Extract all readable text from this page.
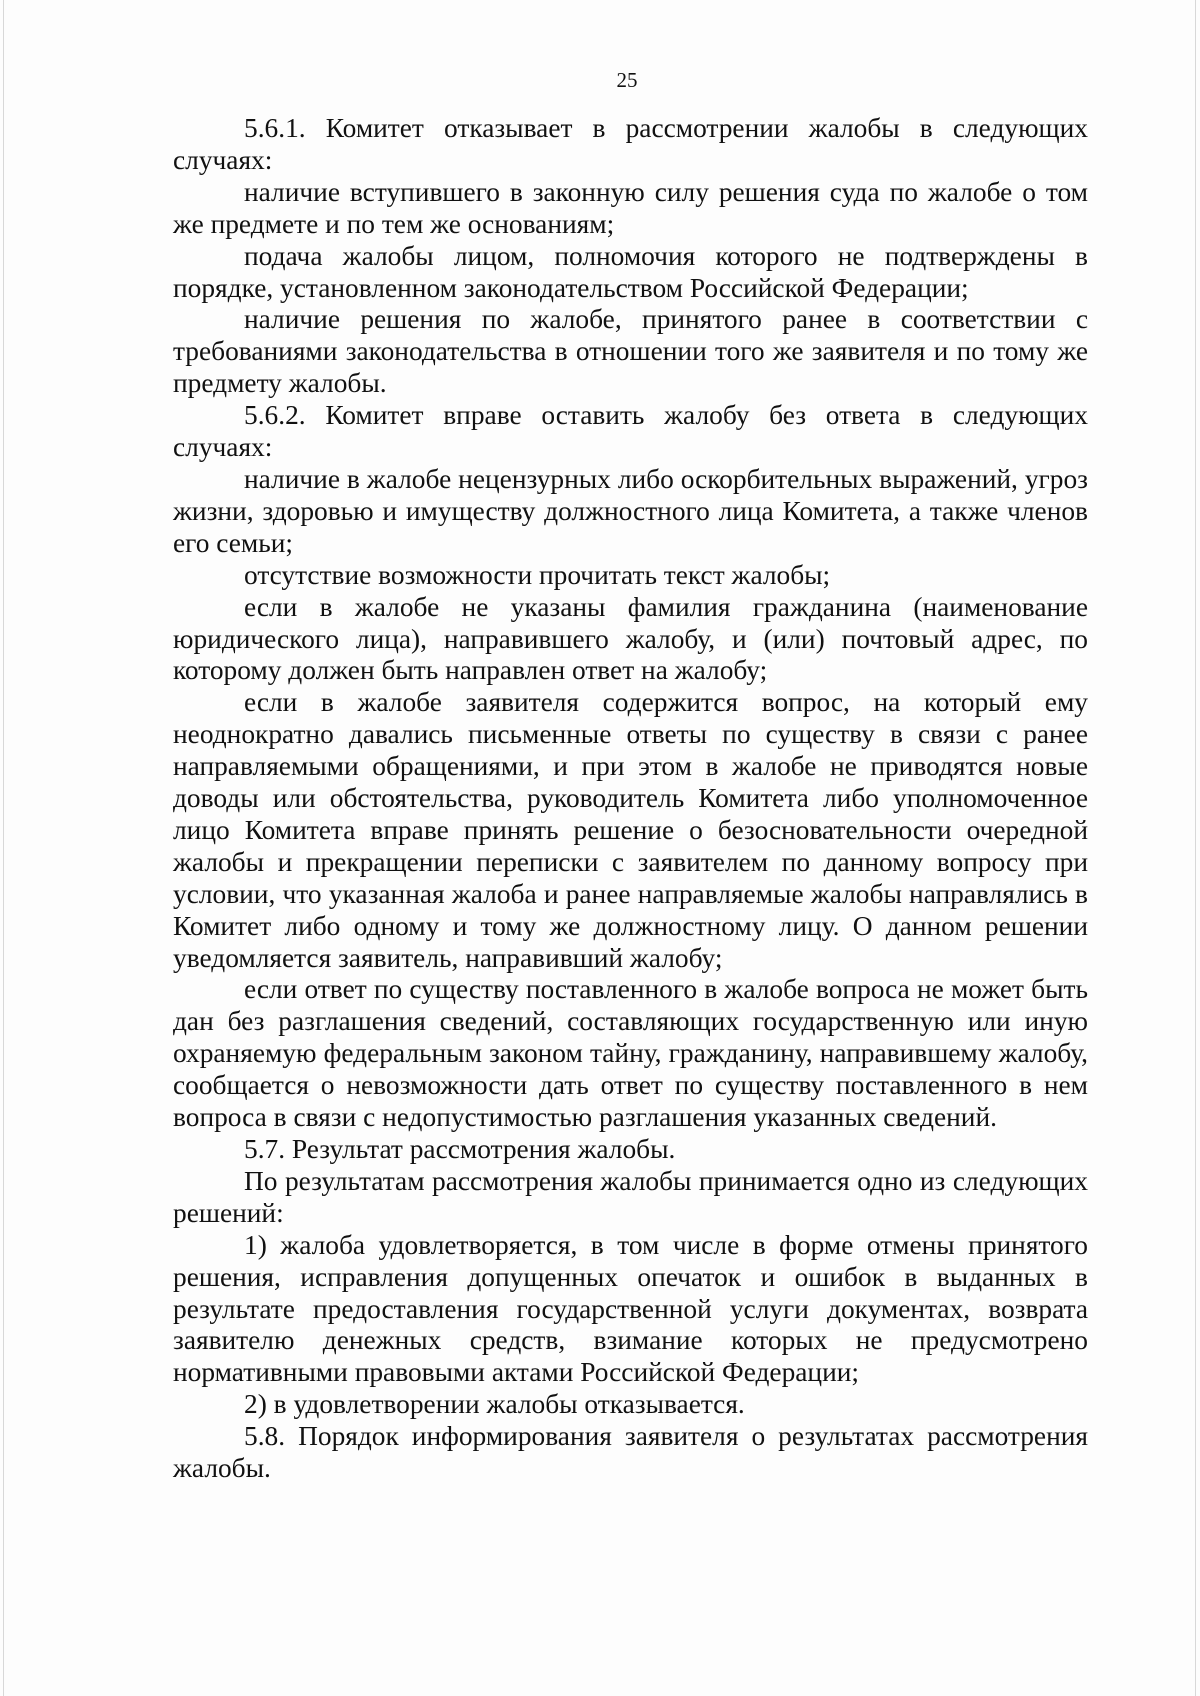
25

5.6.1. Комитет отказывает в рассмотрении жалобы в следующих случаях:

наличие вступившего в законную силу решения суда по жалобе о том же предмете и по тем же основаниям;

подача жалобы лицом, полномочия которого не подтверждены в порядке, установленном законодательством Российской Федерации;

наличие решения по жалобе, принятого ранее в соответствии с требованиями законодательства в отношении того же заявителя и по тому же предмету жалобы.

5.6.2. Комитет вправе оставить жалобу без ответа в следующих случаях:

наличие в жалобе нецензурных либо оскорбительных выражений, угроз жизни, здоровью и имуществу должностного лица Комитета, а также членов его семьи;

отсутствие возможности прочитать текст жалобы;

если в жалобе не указаны фамилия гражданина (наименование юридического лица), направившего жалобу, и (или) почтовый адрес, по которому должен быть направлен ответ на жалобу;

если в жалобе заявителя содержится вопрос, на который ему неоднократно давались письменные ответы по существу в связи с ранее направляемыми обращениями, и при этом в жалобе не приводятся новые доводы или обстоятельства, руководитель Комитета либо уполномоченное лицо Комитета вправе принять решение о безосновательности очередной жалобы и прекращении переписки с заявителем по данному вопросу при условии, что указанная жалоба и ранее направляемые жалобы направлялись в Комитет либо одному и тому же должностному лицу. О данном решении уведомляется заявитель, направивший жалобу;

если ответ по существу поставленного в жалобе вопроса не может быть дан без разглашения сведений, составляющих государственную или иную охраняемую федеральным законом тайну, гражданину, направившему жалобу, сообщается о невозможности дать ответ по существу поставленного в нем вопроса в связи с недопустимостью разглашения указанных сведений.

5.7. Результат рассмотрения жалобы.

По результатам рассмотрения жалобы принимается одно из следующих решений:

1) жалоба удовлетворяется, в том числе в форме отмены принятого решения, исправления допущенных опечаток и ошибок в выданных в результате предоставления государственной услуги документах, возврата заявителю денежных средств, взимание которых не предусмотрено нормативными правовыми актами Российской Федерации;

2) в удовлетворении жалобы отказывается.

5.8. Порядок информирования заявителя о результатах рассмотрения жалобы.
